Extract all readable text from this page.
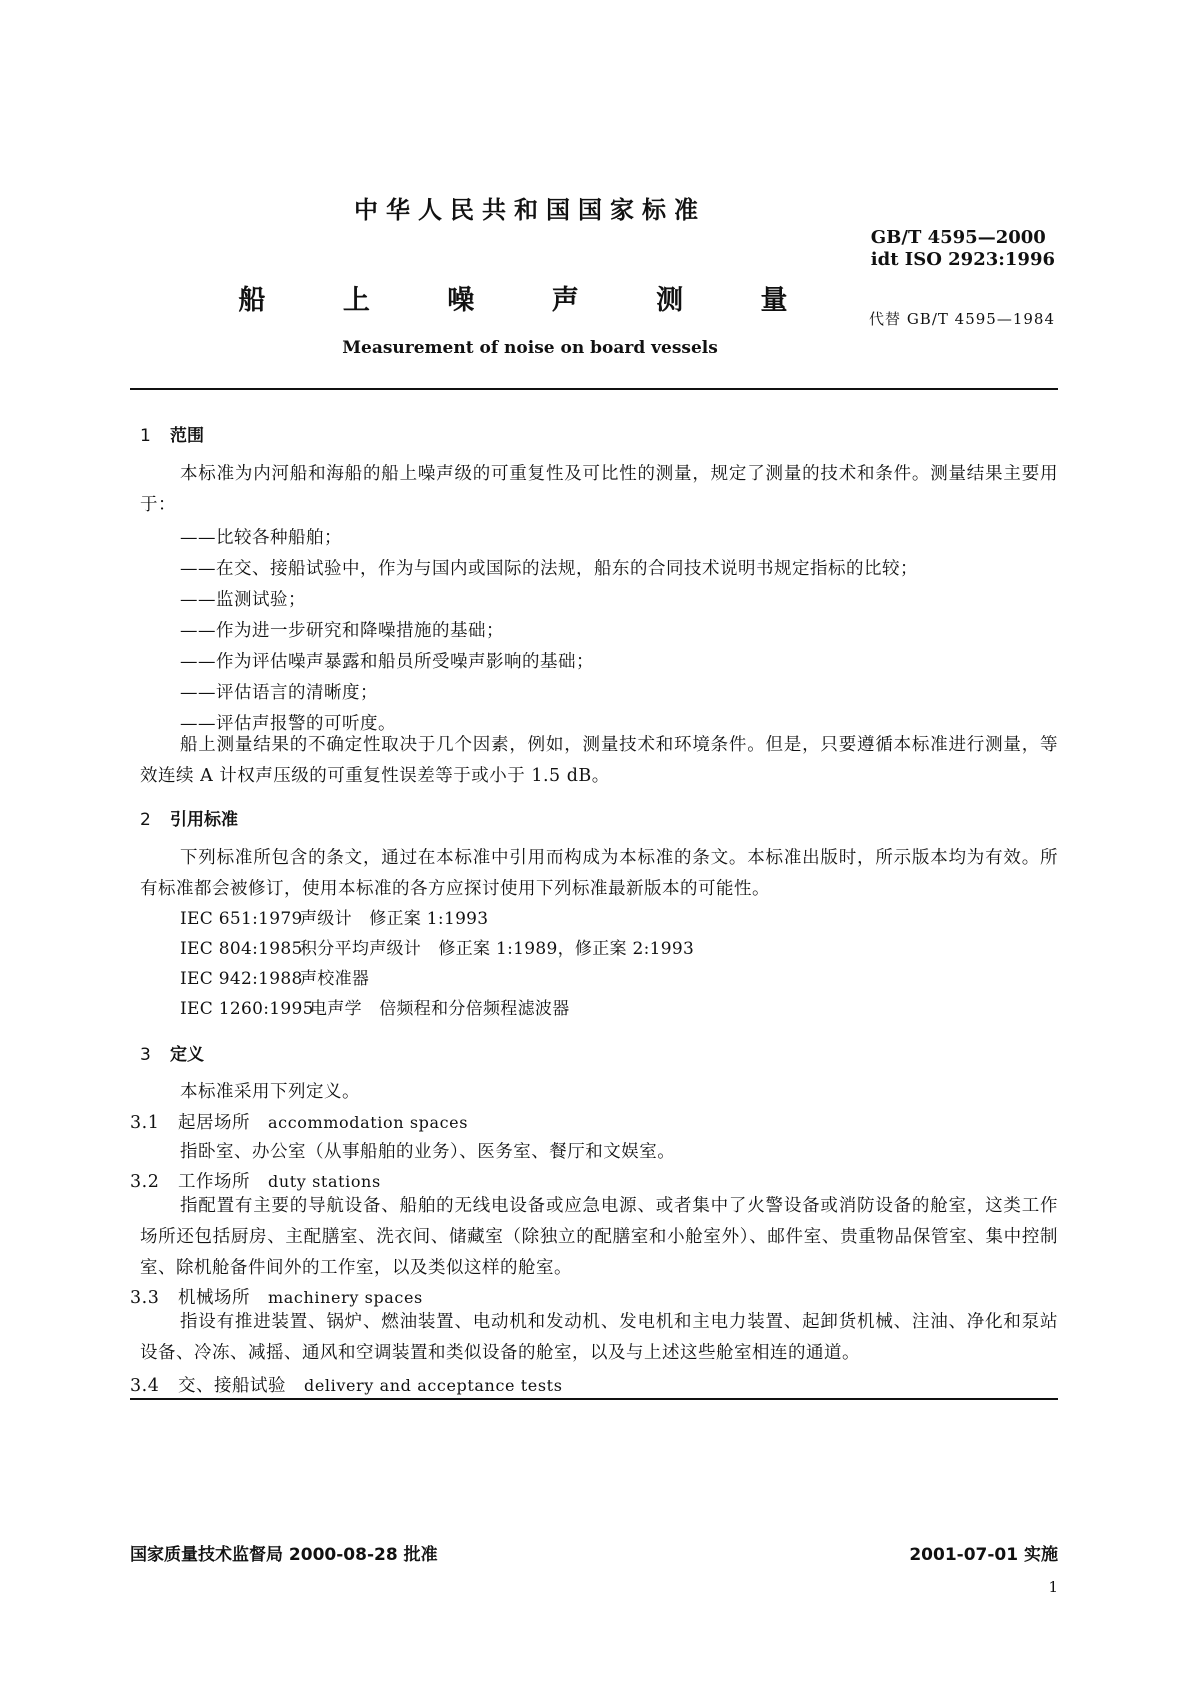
中华人民共和国国家标准
GB/T 4595—2000
idt ISO 2923:1996
船 上 噪 声 测 量
代替 GB/T 4595—1984
Measurement of noise on board vessels
1 范围
本标准为内河船和海船的船上噪声级的可重复性及可比性的测量，规定了测量的技术和条件。测量结果主要用于：
——比较各种船舶；
——在交、接船试验中，作为与国内或国际的法规，船东的合同技术说明书规定指标的比较；
——监测试验；
——作为进一步研究和降噪措施的基础；
——作为评估噪声暴露和船员所受噪声影响的基础；
——评估语言的清晰度；
——评估声报警的可听度。
船上测量结果的不确定性取决于几个因素，例如，测量技术和环境条件。但是，只要遵循本标准进行测量，等效连续 A 计权声压级的可重复性误差等于或小于 1.5 dB。
2 引用标准
下列标准所包含的条文，通过在本标准中引用而构成为本标准的条文。本标准出版时，所示版本均为有效。所有标准都会被修订，使用本标准的各方应探讨使用下列标准最新版本的可能性。
IEC 651:1979声级计　修正案 1:1993
IEC 804:1985积分平均声级计　修正案 1:1989，修正案 2:1993
IEC 942:1988声校准器
IEC 1260:1995电声学　倍频程和分倍频程滤波器
3 定义
本标准采用下列定义。
3.1 起居场所 accommodation spaces
指卧室、办公室（从事船舶的业务）、医务室、餐厅和文娱室。
3.2 工作场所 duty stations
指配置有主要的导航设备、船舶的无线电设备或应急电源、或者集中了火警设备或消防设备的舱室，这类工作场所还包括厨房、主配膳室、洗衣间、储藏室（除独立的配膳室和小舱室外）、邮件室、贵重物品保管室、集中控制室、除机舱备件间外的工作室，以及类似这样的舱室。
3.3 机械场所 machinery spaces
指设有推进装置、锅炉、燃油装置、电动机和发动机、发电机和主电力装置、起卸货机械、注油、净化和泵站设备、冷冻、减摇、通风和空调装置和类似设备的舱室，以及与上述这些舱室相连的通道。
3.4 交、接船试验 delivery and acceptance tests
国家质量技术监督局 2000-08-28 批准	2001-07-01 实施
1
